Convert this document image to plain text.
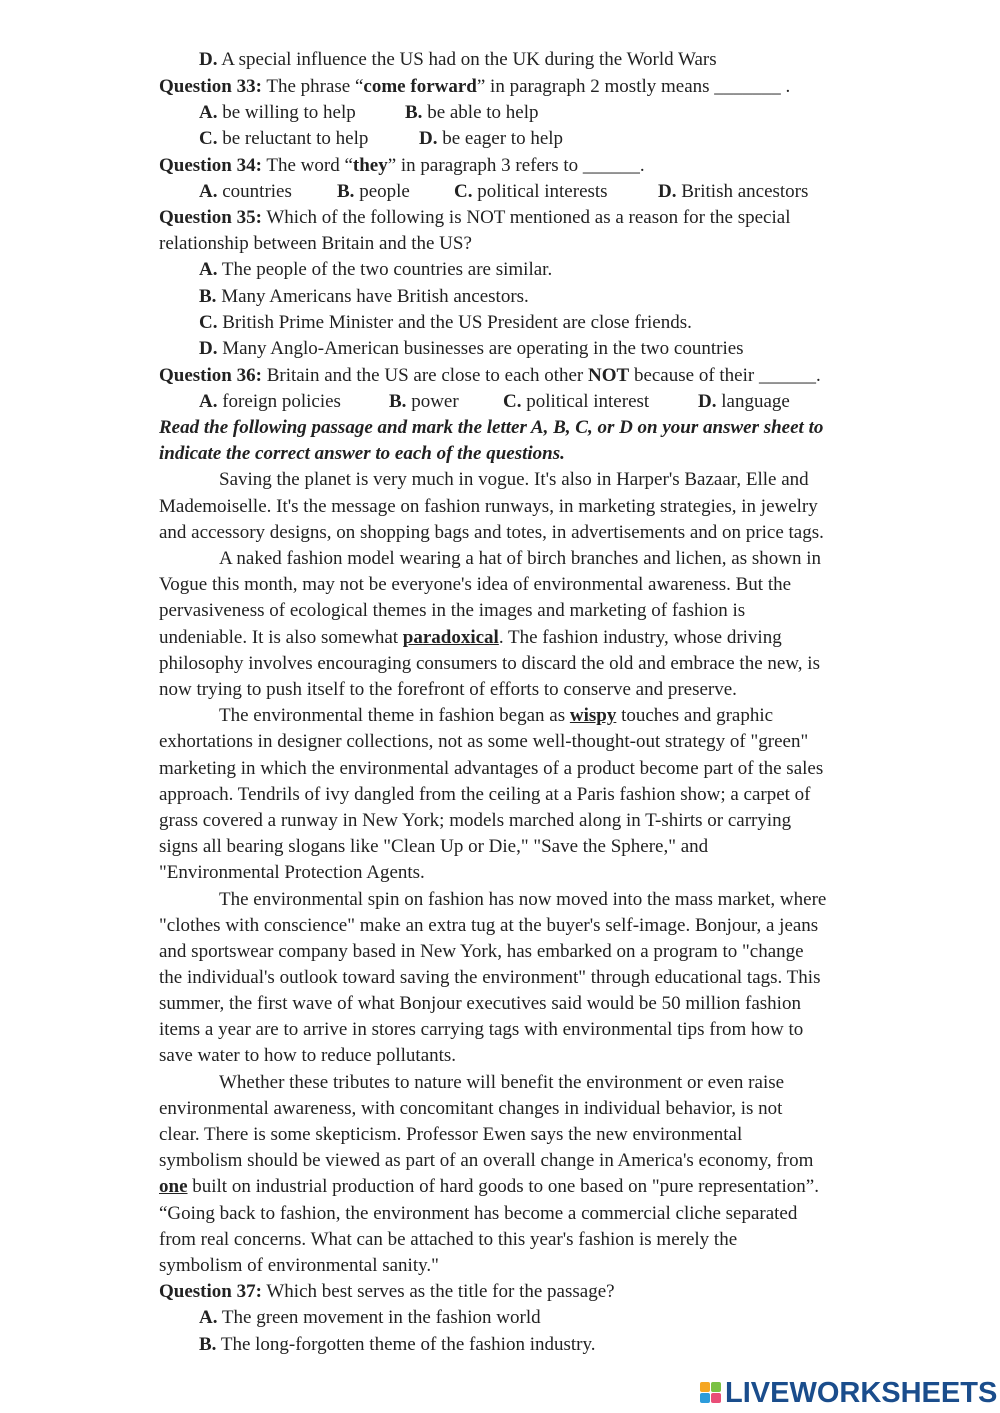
D. A special influence the US had on the UK during the World Wars
Question 33: The phrase “come forward” in paragraph 2 mostly means _______ .
A. be willing to help	B. be able to help
C. be reluctant to help	D. be eager to help
Question 34: The word “they” in paragraph 3 refers to ______.
A. countries B. people C. political interests	D. British ancestors
Question 35: Which of the following is NOT mentioned as a reason for the special
relationship between Britain and the US?
A. The people of the two countries are similar.
B. Many Americans have British ancestors.
C. British Prime Minister and the US President are close friends.
D. Many Anglo-American businesses are operating in the two countries
Question 36: Britain and the US are close to each other NOT because of their ______.
A. foreign policies	B. power C. political interest	D. language
Read the following passage and mark the letter A, B, C, or D on your answer sheet to
indicate the correct answer to each of the questions.
Saving the planet is very much in vogue. It's also in Harper's Bazaar, Elle and
Mademoiselle. It's the message on fashion runways, in marketing strategies, in jewelry
and accessory designs, on shopping bags and totes, in advertisements and on price tags.
A naked fashion model wearing a hat of birch branches and lichen, as shown in
Vogue this month, may not be everyone's idea of environmental awareness. But the
pervasiveness of ecological themes in the images and marketing of fashion is
undeniable. It is also somewhat paradoxical. The fashion industry, whose driving
philosophy involves encouraging consumers to discard the old and embrace the new, is
now trying to push itself to the forefront of efforts to conserve and preserve.
The environmental theme in fashion began as wispy touches and graphic
exhortations in designer collections, not as some well-thought-out strategy of "green"
marketing in which the environmental advantages of a product become part of the sales
approach. Tendrils of ivy dangled from the ceiling at a Paris fashion show; a carpet of
grass covered a runway in New York; models marched along in T-shirts or carrying
signs all bearing slogans like "Clean Up or Die," "Save the Sphere," and
"Environmental Protection Agents.
The environmental spin on fashion has now moved into the mass market, where
"clothes with conscience" make an extra tug at the buyer's self-image. Bonjour, a jeans
and sportswear company based in New York, has embarked on a program to "change
the individual's outlook toward saving the environment" through educational tags. This
summer, the first wave of what Bonjour executives said would be 50 million fashion
items a year are to arrive in stores carrying tags with environmental tips from how to
save water to how to reduce pollutants.
Whether these tributes to nature will benefit the environment or even raise
environmental awareness, with concomitant changes in individual behavior, is not
clear. There is some skepticism. Professor Ewen says the new environmental
symbolism should be viewed as part of an overall change in America's economy, from
one built on industrial production of hard goods to one based on "pure representation”.
“Going back to fashion, the environment has become a commercial cliche separated
from real concerns. What can be attached to this year's fashion is merely the
symbolism of environmental sanity."
Question 37: Which best serves as the title for the passage?
A. The green movement in the fashion world
B. The long-forgotten theme of the fashion industry.
LIVEWORKSHEETS
